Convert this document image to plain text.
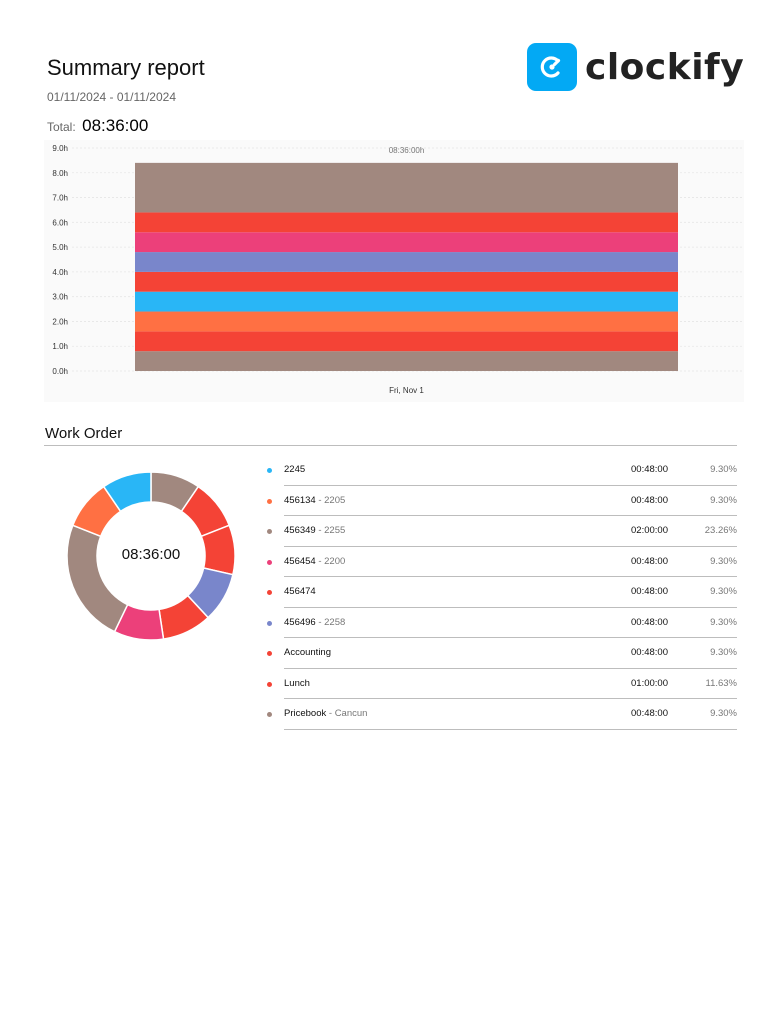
Summary report
01/11/2024 - 01/11/2024
Total: 08:36:00
clockify
0.0h
1.0h
2.0h
3.0h
4.0h
5.0h
6.0h
7.0h
8.0h
9.0h	08:36:00h
Fri, Nov 1
Work Order
08:36:00
2245	00:48:00	9.30%
456134 - 2205	00:48:00	9.30%
456349 - 2255	02:00:00	23.26%
456454 - 2200	00:48:00	9.30%
456474	00:48:00	9.30%
456496 - 2258	00:48:00	9.30%
Accounting	00:48:00	9.30%
Lunch	01:00:00	11.63%
Pricebook - Cancun	00:48:00	9.30%
